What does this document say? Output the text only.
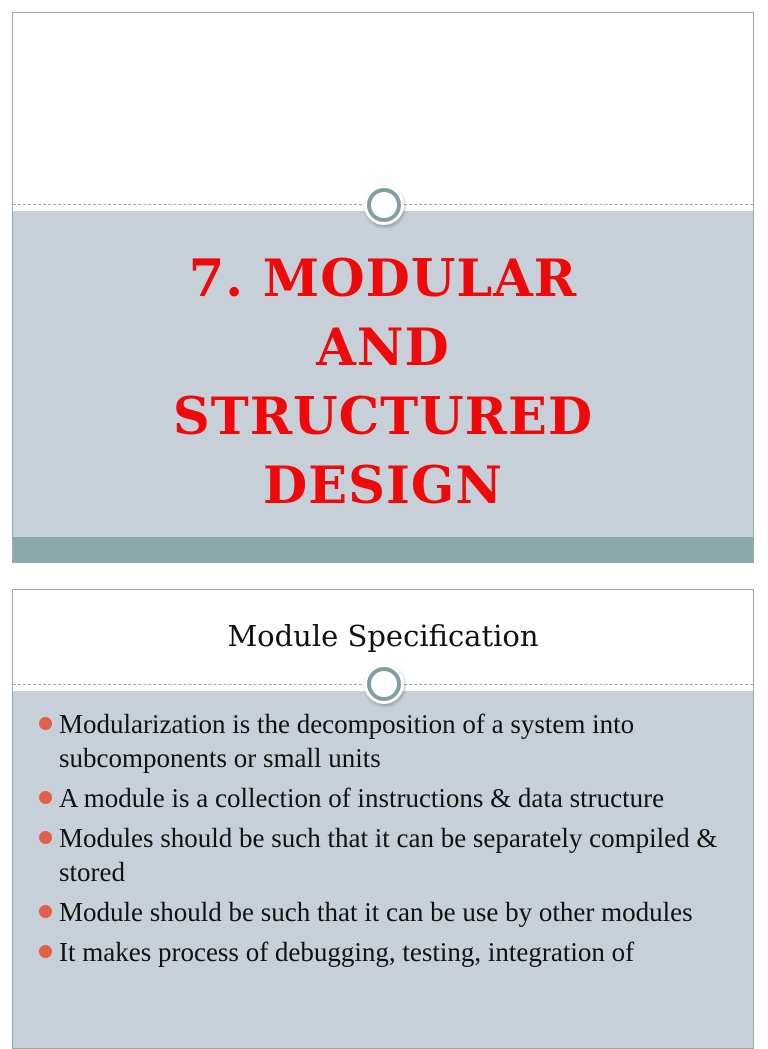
7. MODULAR
AND
STRUCTURED
DESIGN
Module Specification
Modularization is the decomposition of a system into subcomponents or small units
A module is a collection of instructions & data structure
Modules should be such that it can be separately compiled & stored
Module should be such that it can be use by other modules
It makes process of debugging, testing, integration of
